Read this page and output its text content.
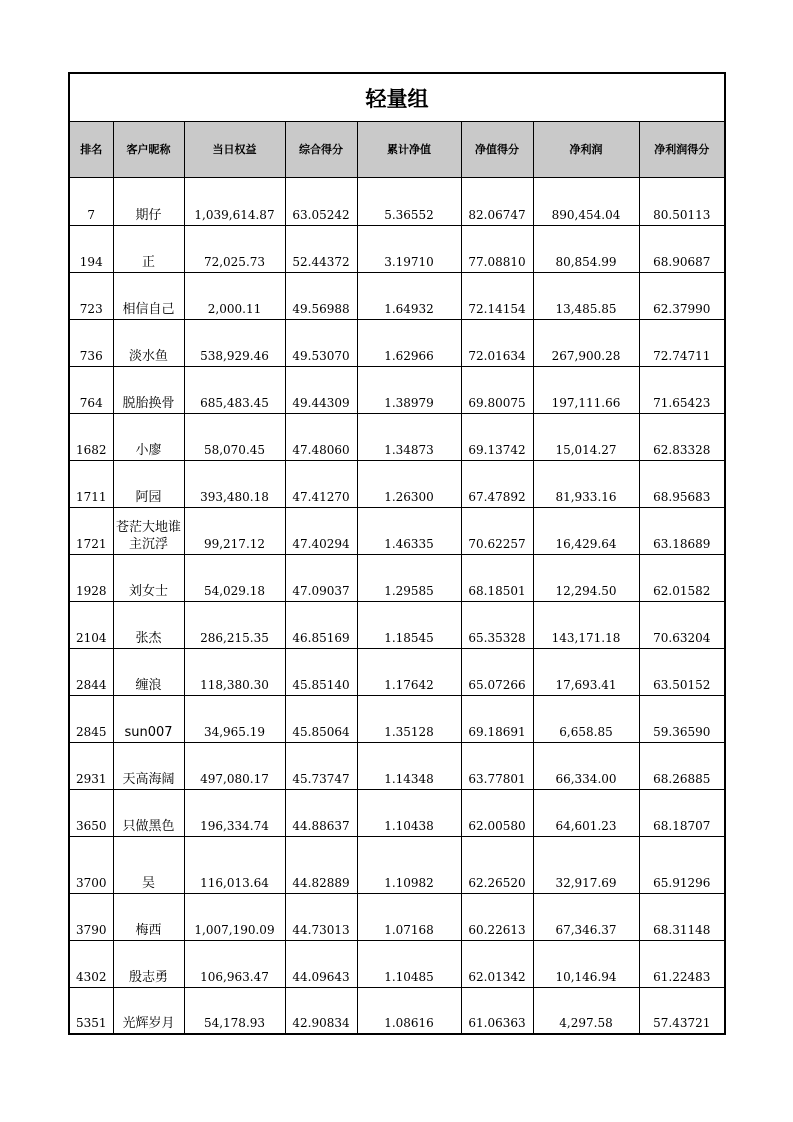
轻量组
排名	客户昵称	当日权益	综合得分	累计净值	净值得分	净利润	净利润得分
7	期仔	1,039,614.87	63.05242	5.36552	82.06747	890,454.04	80.50113
194	正	72,025.73	52.44372	3.19710	77.08810	80,854.99	68.90687
723	相信自己	2,000.11	49.56988	1.64932	72.14154	13,485.85	62.37990
736	淡水鱼	538,929.46	49.53070	1.62966	72.01634	267,900.28	72.74711
764	脱胎换骨	685,483.45	49.44309	1.38979	69.80075	197,111.66	71.65423
1682	小廖	58,070.45	47.48060	1.34873	69.13742	15,014.27	62.83328
1711	阿园	393,480.18	47.41270	1.26300	67.47892	81,933.16	68.95683
1721	苍茫大地谁主沉浮	99,217.12	47.40294	1.46335	70.62257	16,429.64	63.18689
1928	刘女士	54,029.18	47.09037	1.29585	68.18501	12,294.50	62.01582
2104	张杰	286,215.35	46.85169	1.18545	65.35328	143,171.18	70.63204
2844	缠浪	118,380.30	45.85140	1.17642	65.07266	17,693.41	63.50152
2845	sun007	34,965.19	45.85064	1.35128	69.18691	6,658.85	59.36590
2931	天高海阔	497,080.17	45.73747	1.14348	63.77801	66,334.00	68.26885
3650	只做黑色	196,334.74	44.88637	1.10438	62.00580	64,601.23	68.18707
3700	吴	116,013.64	44.82889	1.10982	62.26520	32,917.69	65.91296
3790	梅西	1,007,190.09	44.73013	1.07168	60.22613	67,346.37	68.31148
4302	殷志勇	106,963.47	44.09643	1.10485	62.01342	10,146.94	61.22483
5351	光辉岁月	54,178.93	42.90834	1.08616	61.06363	4,297.58	57.43721
